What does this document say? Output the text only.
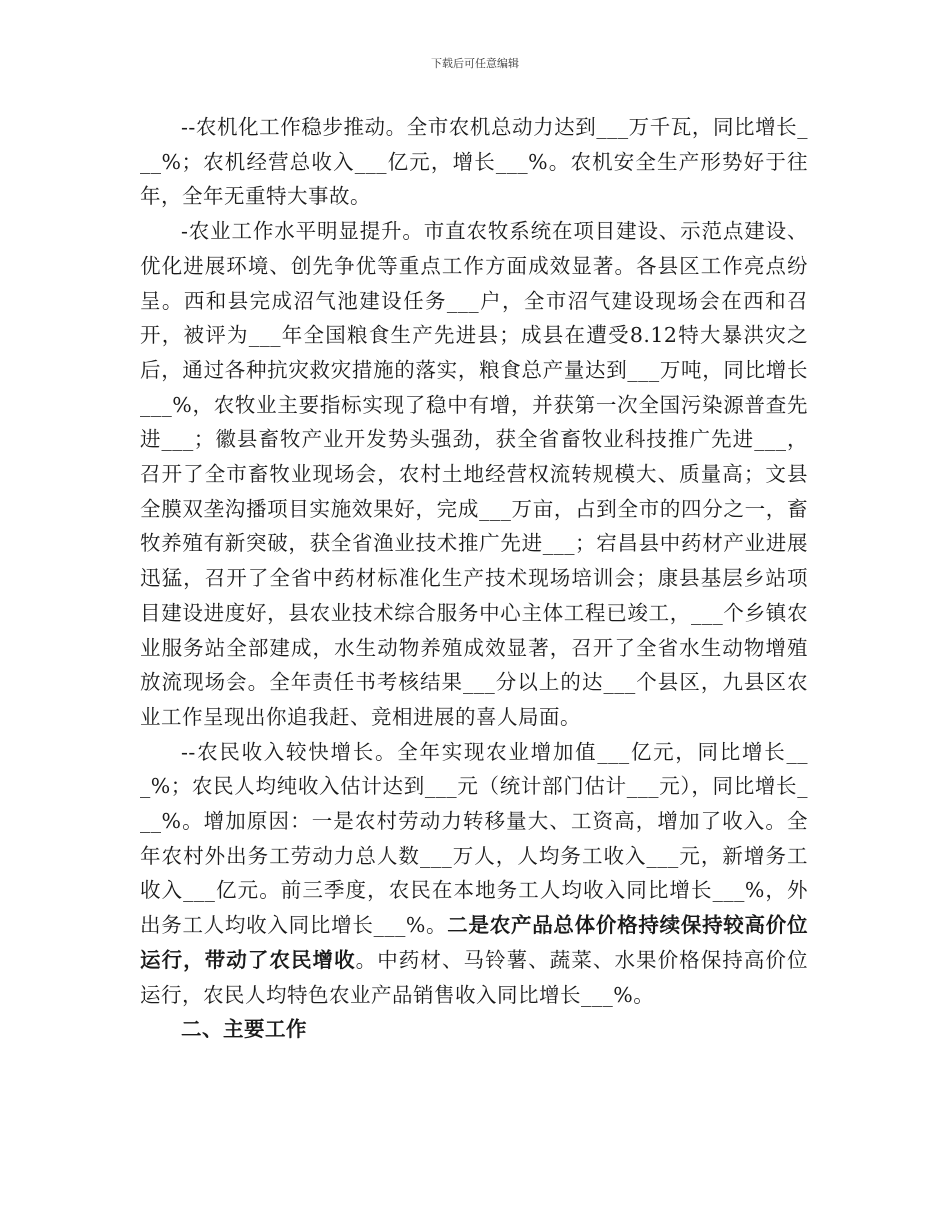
下载后可任意编辑

--农机化工作稳步推动。全市农机总动力达到___万千瓦，同比增长___%；农机经营总收入___亿元，增长___%。农机安全生产形势好于往年，全年无重特大事故。

-农业工作水平明显提升。市直农牧系统在项目建设、示范点建设、优化进展环境、创先争优等重点工作方面成效显著。各县区工作亮点纷呈。西和县完成沼气池建设任务___户，全市沼气建设现场会在西和召开，被评为___年全国粮食生产先进县；成县在遭受8.12特大暴洪灾之后，通过各种抗灾救灾措施的落实，粮食总产量达到___万吨，同比增长___%，农牧业主要指标实现了稳中有增，并获第一次全国污染源普查先进___；徽县畜牧产业开发势头强劲，获全省畜牧业科技推广先进___，召开了全市畜牧业现场会，农村土地经营权流转规模大、质量高；文县全膜双垄沟播项目实施效果好，完成___万亩，占到全市的四分之一，畜牧养殖有新突破，获全省渔业技术推广先进___；宕昌县中药材产业进展迅猛，召开了全省中药材标准化生产技术现场培训会；康县基层乡站项目建设进度好，县农业技术综合服务中心主体工程已竣工，___个乡镇农业服务站全部建成，水生动物养殖成效显著，召开了全省水生动物增殖放流现场会。全年责任书考核结果___分以上的达___个县区，九县区农业工作呈现出你追我赶、竞相进展的喜人局面。

--农民收入较快增长。全年实现农业增加值___亿元，同比增长___%；农民人均纯收入估计达到___元（统计部门估计___元），同比增长___%。增加原因：一是农村劳动力转移量大、工资高，增加了收入。全年农村外出务工劳动力总人数___万人，人均务工收入___元，新增务工收入___亿元。前三季度，农民在本地务工人均收入同比增长___%，外出务工人均收入同比增长___%。二是农产品总体价格持续保持较高价位运行，带动了农民增收。中药材、马铃薯、蔬菜、水果价格保持高价位运行，农民人均特色农业产品销售收入同比增长___%。

二、主要工作
